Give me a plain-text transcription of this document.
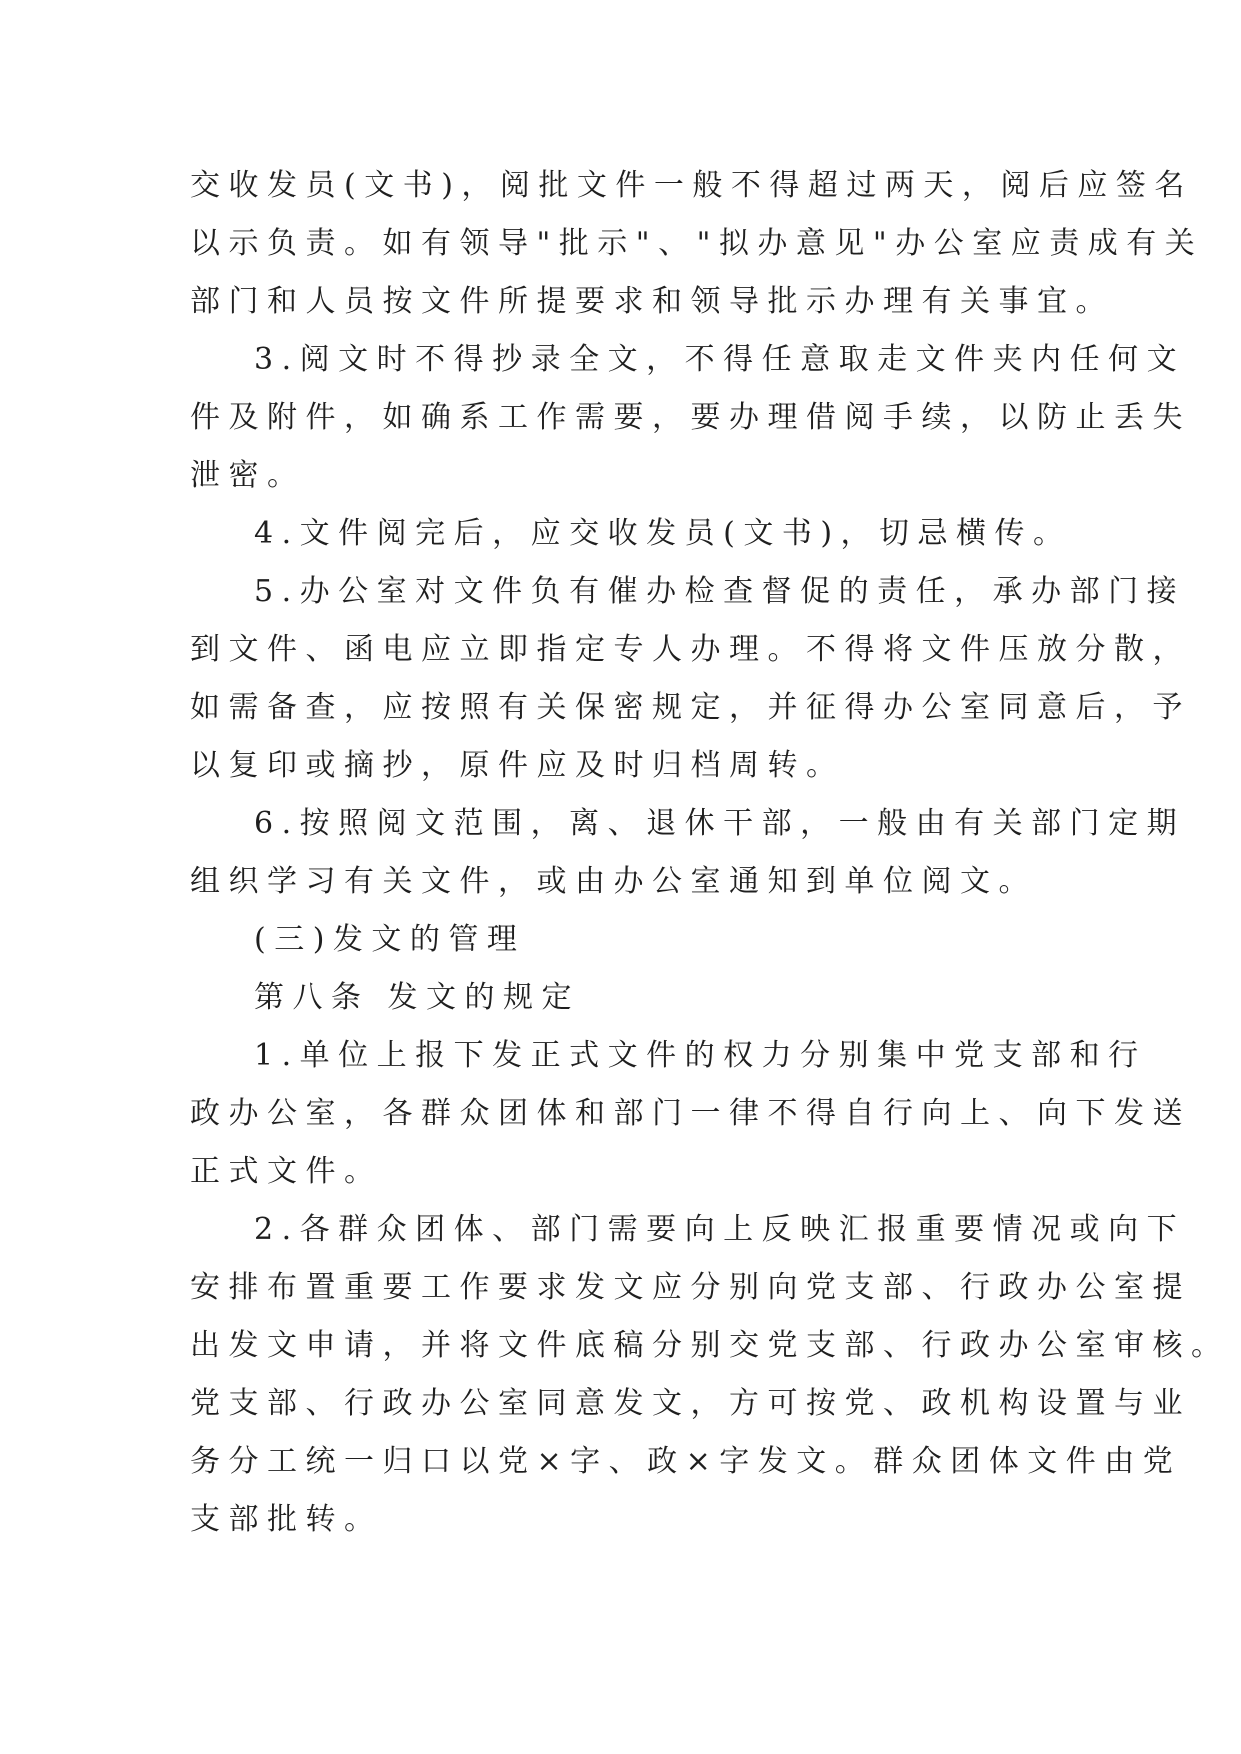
交收发员(文书)，阅批文件一般不得超过两天，阅后应签名
以示负责。如有领导"批示"、"拟办意见"办公室应责成有关
部门和人员按文件所提要求和领导批示办理有关事宜。
3.阅文时不得抄录全文，不得任意取走文件夹内任何文
件及附件，如确系工作需要，要办理借阅手续，以防止丢失
泄密。
4.文件阅完后，应交收发员(文书)，切忌横传。
5.办公室对文件负有催办检查督促的责任，承办部门接
到文件、函电应立即指定专人办理。不得将文件压放分散，
如需备查，应按照有关保密规定，并征得办公室同意后，予
以复印或摘抄，原件应及时归档周转。
6.按照阅文范围，离、退休干部，一般由有关部门定期
组织学习有关文件，或由办公室通知到单位阅文。
(三)发文的管理
第八条 发文的规定
1.单位上报下发正式文件的权力分别集中党支部和行
政办公室，各群众团体和部门一律不得自行向上、向下发送
正式文件。
2.各群众团体、部门需要向上反映汇报重要情况或向下
安排布置重要工作要求发文应分别向党支部、行政办公室提
出发文申请，并将文件底稿分别交党支部、行政办公室审核。
党支部、行政办公室同意发文，方可按党、政机构设置与业
务分工统一归口以党×字、政×字发文。群众团体文件由党
支部批转。
